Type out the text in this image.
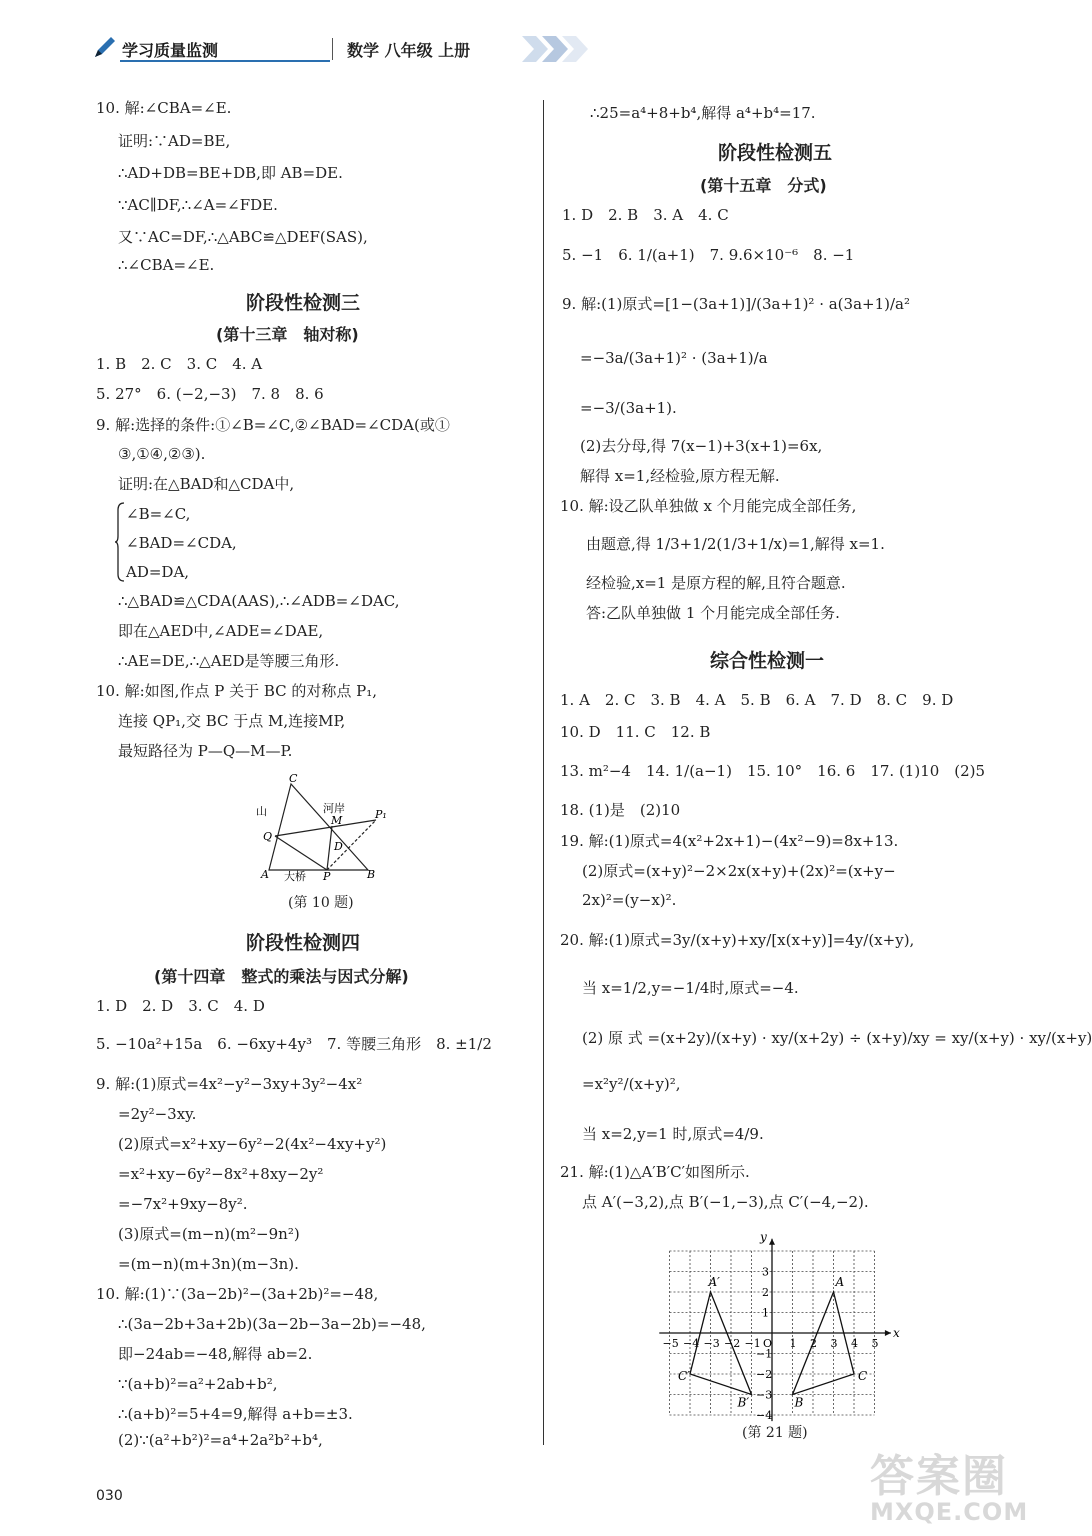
学习质量监测	数学 八年级 上册
10. 解:∠CBA=∠E.
证明:∵AD=BE,
∴AD+DB=BE+DB,即 AB=DE.
∵AC∥DF,∴∠A=∠FDE.
又∵AC=DF,∴△ABC≌△DEF(SAS),
∴∠CBA=∠E.
阶段性检测三
(第十三章　轴对称)
1. B　2. C　3. C　4. A
5. 27°　6. (−2,−3)　7. 8　8. 6
9. 解:选择的条件:①∠B=∠C,②∠BAD=∠CDA(或①
③,①④,②③).
证明:在△BAD和△CDA中,
∠B=∠C,
∠BAD=∠CDA,
AD=DA,
∴△BAD≌△CDA(AAS),∴∠ADB=∠DAC,
即在△AED中,∠ADE=∠DAE,
∴AE=DE,∴△AED是等腰三角形.
10. 解:如图,作点 P 关于 BC 的对称点 P₁,
连接 QP₁,交 BC 于点 M,连接MP,
最短路径为 P—Q—M—P.
C
山	河岸
M	P₁
Q
D
A 大桥 P	B
(第 10 题)
阶段性检测四
(第十四章　整式的乘法与因式分解)
1. D　2. D　3. C　4. D
5. −10a²+15a　6. −6xy+4y³　7. 等腰三角形　8. ±1/2
9. 解:(1)原式=4x²−y²−3xy+3y²−4x²
=2y²−3xy.
(2)原式=x²+xy−6y²−2(4x²−4xy+y²)
=x²+xy−6y²−8x²+8xy−2y²
=−7x²+9xy−8y².
(3)原式=(m−n)(m²−9n²)
=(m−n)(m+3n)(m−3n).
10. 解:(1)∵(3a−2b)²−(3a+2b)²=−48,
∴(3a−2b+3a+2b)(3a−2b−3a−2b)=−48,
即−24ab=−48,解得 ab=2.
∵(a+b)²=a²+2ab+b²,
∴(a+b)²=5+4=9,解得 a+b=±3.
(2)∵(a²+b²)²=a⁴+2a²b²+b⁴,
∴25=a⁴+8+b⁴,解得 a⁴+b⁴=17.
阶段性检测五
(第十五章　分式)
1. D　2. B　3. A　4. C
5. −1　6. 1/(a+1)　7. 9.6×10⁻⁶　8. −1
9. 解:(1)原式=[1−(3a+1)]/(3a+1)² · a(3a+1)/a²
=−3a/(3a+1)² · (3a+1)/a
=−3/(3a+1).
(2)去分母,得 7(x−1)+3(x+1)=6x,
解得 x=1,经检验,原方程无解.
10. 解:设乙队单独做 x 个月能完成全部任务,
由题意,得 1/3+1/2(1/3+1/x)=1,解得 x=1.
经检验,x=1 是原方程的解,且符合题意.
答:乙队单独做 1 个月能完成全部任务.
综合性检测一
1. A　2. C　3. B　4. A　5. B　6. A　7. D　8. C　9. D
10. D　11. C　12. B
13. m²−4　14. 1/(a−1)　15. 10°　16. 6　17. (1)10　(2)5
18. (1)是　(2)10
19. 解:(1)原式=4(x²+2x+1)−(4x²−9)=8x+13.
(2)原式=(x+y)²−2×2x(x+y)+(2x)²=(x+y−
2x)²=(y−x)².
20. 解:(1)原式=3y/(x+y)+xy/[x(x+y)]=4y/(x+y),
当 x=1/2,y=−1/4时,原式=−4.
(2) 原 式 =(x+2y)/(x+y) · xy/(x+2y) ÷ (x+y)/xy = xy/(x+y) · xy/(x+y)
=x²y²/(x+y)²,
当 x=2,y=1 时,原式=4/9.
21. 解:(1)△A′B′C′如图所示.
点 A′(−3,2),点 B′(−1,−3),点 C′(−4,−2).
x
y
−5 −4 −3 −2 −1 O 1 2 3 4 5
3
2
1
−1
−2
−3
−4
A′	A
B′	B
C′	C
(第 21 题)
030	答案圈
MXQE.COM
